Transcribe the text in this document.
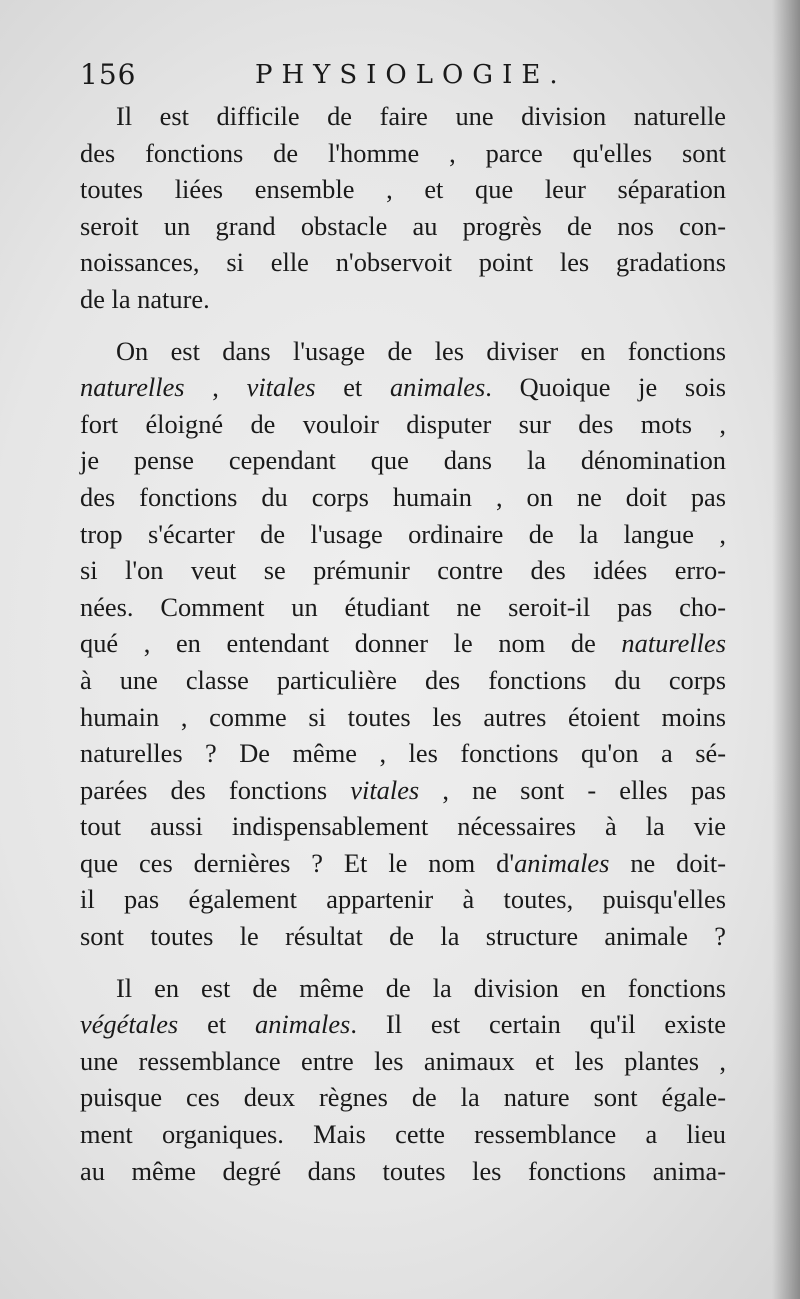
156	PHYSIOLOGIE.

Il est difficile de faire une division naturelle
des fonctions de l'homme , parce qu'elles sont
toutes liées ensemble , et que leur séparation
seroit un grand obstacle au progrès de nos con-
noissances, si elle n'observoit point les gradations
de la nature.

On est dans l'usage de les diviser en fonctions
naturelles , vitales et animales. Quoique je sois
fort éloigné de vouloir disputer sur des mots ,
je pense cependant que dans la dénomination
des fonctions du corps humain , on ne doit pas
trop s'écarter de l'usage ordinaire de la langue ,
si l'on veut se prémunir contre des idées erro-
nées. Comment un étudiant ne seroit-il pas cho-
qué , en entendant donner le nom de naturelles
à une classe particulière des fonctions du corps
humain , comme si toutes les autres étoient moins
naturelles ? De même , les fonctions qu'on a sé-
parées des fonctions vitales , ne sont - elles pas
tout aussi indispensablement nécessaires à la vie
que ces dernières ? Et le nom d'animales ne doit-
il pas également appartenir à toutes, puisqu'elles
sont toutes le résultat de la structure animale ?

Il en est de même de la division en fonctions
végétales et animales. Il est certain qu'il existe
une ressemblance entre les animaux et les plantes ,
puisque ces deux règnes de la nature sont égale-
ment organiques. Mais cette ressemblance a lieu
au même degré dans toutes les fonctions anima-
